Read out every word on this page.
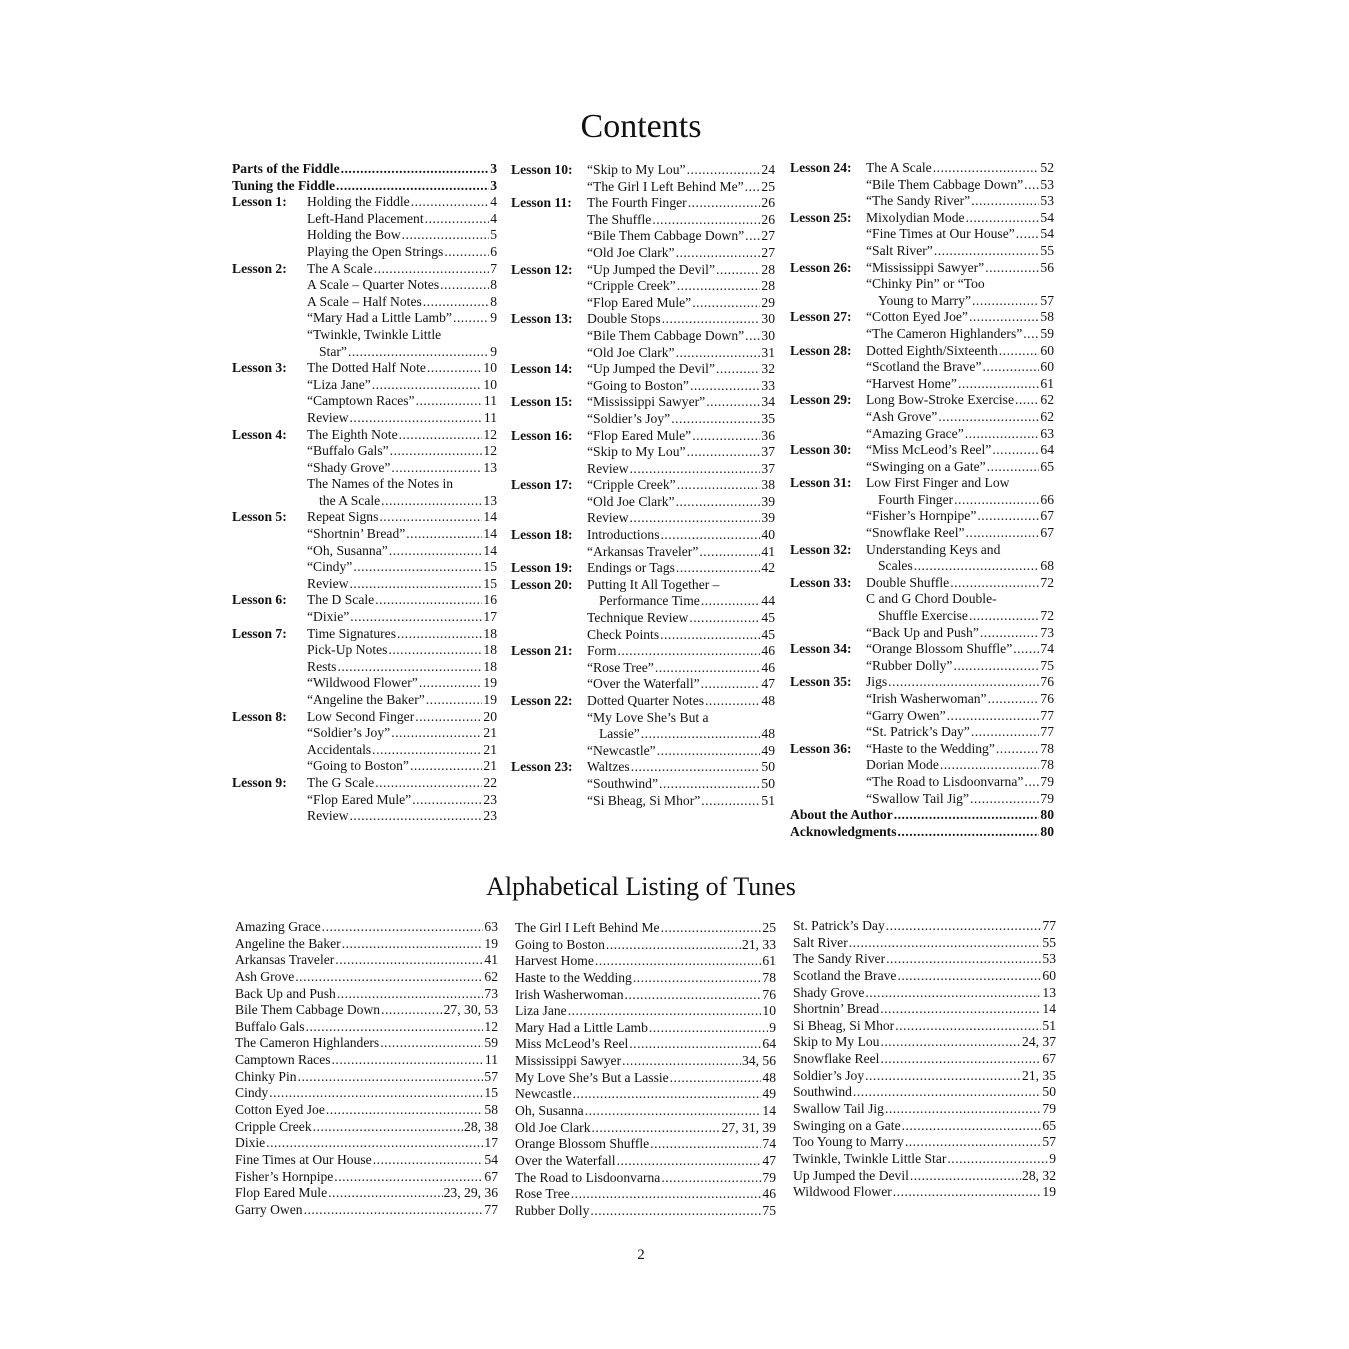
Contents
Parts of the Fiddle .....	3
Tuning the Fiddle .....	3
Lesson 1:	Holding the Fiddle .....	4
Left-Hand Placement .....	4
Holding the Bow .....	5
Playing the Open Strings .....	6
Lesson 2:	The A Scale .....	7
A Scale – Quarter Notes .....	8
A Scale – Half Notes .....	8
“Mary Had a Little Lamb” .....	9
“Twinkle, Twinkle Little
Star” .....	9
Lesson 3:	The Dotted Half Note .....	10
“Liza Jane” .....	10
“Camptown Races” .....	11
Review .....	11
Lesson 4:	The Eighth Note .....	12
“Buffalo Gals” .....	12
“Shady Grove” .....	13
The Names of the Notes in
the A Scale .....	13
Lesson 5:	Repeat Signs .....	14
“Shortnin’ Bread” .....	14
“Oh, Susanna” .....	14
“Cindy” .....	15
Review .....	15
Lesson 6:	The D Scale .....	16
“Dixie” .....	17
Lesson 7:	Time Signatures .....	18
Pick-Up Notes .....	18
Rests .....	18
“Wildwood Flower” .....	19
“Angeline the Baker” .....	19
Lesson 8:	Low Second Finger .....	20
“Soldier’s Joy” .....	21
Accidentals .....	21
“Going to Boston” .....	21
Lesson 9:	The G Scale .....	22
“Flop Eared Mule” .....	23
Review .....	23
Lesson 10:	“Skip to My Lou” .....	24
“The Girl I Left Behind Me” ..... 25
Lesson 11:	The Fourth Finger .....	26
The Shuffle .....	26
“Bile Them Cabbage Down” ..... 27
“Old Joe Clark” .....	27
Lesson 12:	“Up Jumped the Devil” .....	28
“Cripple Creek” .....	28
“Flop Eared Mule” .....	29
Lesson 13:	Double Stops .....	30
“Bile Them Cabbage Down” ..... 30
“Old Joe Clark” .....	31
Lesson 14:	“Up Jumped the Devil” .....	32
“Going to Boston” .....	33
Lesson 15:	“Mississippi Sawyer” .....	34
“Soldier’s Joy” .....	35
Lesson 16:	“Flop Eared Mule” .....	36
“Skip to My Lou” .....	37
Review .....	37
Lesson 17:	“Cripple Creek” .....	38
“Old Joe Clark” .....	39
Review .....	39
Lesson 18:	Introductions .....	40
“Arkansas Traveler” .....	41
Lesson 19:	Endings or Tags .....	42
Lesson 20:	Putting It All Together –
Performance Time .....	44
Technique Review .....	45
Check Points .....	45
Lesson 21:	Form .....	46
“Rose Tree” .....	46
“Over the Waterfall” .....	47
Lesson 22:	Dotted Quarter Notes .....	48
“My Love She’s But a
Lassie” .....	48
“Newcastle” .....	49
Lesson 23:	Waltzes .....	50
“Southwind” .....	50
“Si Bheag, Si Mhor” .....	51
Lesson 24:	The A Scale .....	52
“Bile Them Cabbage Down” ..... 53
“The Sandy River” .....	53
Lesson 25:	Mixolydian Mode .....	54
“Fine Times at Our House” ..... 54
“Salt River” .....	55
Lesson 26:	“Mississippi Sawyer” .....	56
“Chinky Pin” or “Too
Young to Marry” .....	57
Lesson 27:	“Cotton Eyed Joe” .....	58
“The Cameron Highlanders” ..... 59
Lesson 28:	Dotted Eighth/Sixteenth .....	60
“Scotland the Brave” .....	60
“Harvest Home” .....	61
Lesson 29:	Long Bow-Stroke Exercise ..... 62
“Ash Grove” .....	62
“Amazing Grace” .....	63
Lesson 30:	“Miss McLeod’s Reel” .....	64
“Swinging on a Gate” .....	65
Lesson 31:	Low First Finger and Low
Fourth Finger .....	66
“Fisher’s Hornpipe” .....	67
“Snowflake Reel” .....	67
Lesson 32:	Understanding Keys and
Scales .....	68
Lesson 33:	Double Shuffle .....	72
C and G Chord Double-
Shuffle Exercise .....	72
“Back Up and Push” .....	73
Lesson 34:	“Orange Blossom Shuffle” ..... 74
“Rubber Dolly” .....	75
Lesson 35:	Jigs .....	76
“Irish Washerwoman” .....	76
“Garry Owen” .....	77
“St. Patrick’s Day” .....	77
Lesson 36:	“Haste to the Wedding” .....	78
Dorian Mode .....	78
“The Road to Lisdoonvarna” ..... 79
“Swallow Tail Jig” .....	79
About the Author .....	80
Acknowledgments .....	80
Alphabetical Listing of Tunes
Amazing Grace .....	63
Angeline the Baker .....	19
Arkansas Traveler .....	41
Ash Grove .....	62
Back Up and Push .....	73
Bile Them Cabbage Down .....	27, 30, 53
Buffalo Gals .....	12
The Cameron Highlanders .....	59
Camptown Races .....	11
Chinky Pin .....	57
Cindy .....	15
Cotton Eyed Joe .....	58
Cripple Creek .....	28, 38
Dixie .....	17
Fine Times at Our House .....	54
Fisher’s Hornpipe .....	67
Flop Eared Mule .....	23, 29, 36
Garry Owen .....	77
The Girl I Left Behind Me .....	25
Going to Boston .....	21, 33
Harvest Home .....	61
Haste to the Wedding .....	78
Irish Washerwoman .....	76
Liza Jane .....	10
Mary Had a Little Lamb .....	9
Miss McLeod’s Reel .....	64
Mississippi Sawyer .....	34, 56
My Love She’s But a Lassie .....	48
Newcastle .....	49
Oh, Susanna .....	14
Old Joe Clark .....	27, 31, 39
Orange Blossom Shuffle .....	74
Over the Waterfall .....	47
The Road to Lisdoonvarna .....	79
Rose Tree .....	46
Rubber Dolly .....	75
St. Patrick’s Day .....	77
Salt River .....	55
The Sandy River .....	53
Scotland the Brave .....	60
Shady Grove .....	13
Shortnin’ Bread .....	14
Si Bheag, Si Mhor .....	51
Skip to My Lou .....	24, 37
Snowflake Reel .....	67
Soldier’s Joy .....	21, 35
Southwind .....	50
Swallow Tail Jig .....	79
Swinging on a Gate .....	65
Too Young to Marry .....	57
Twinkle, Twinkle Little Star .....	9
Up Jumped the Devil .....	28, 32
Wildwood Flower .....	19
2
